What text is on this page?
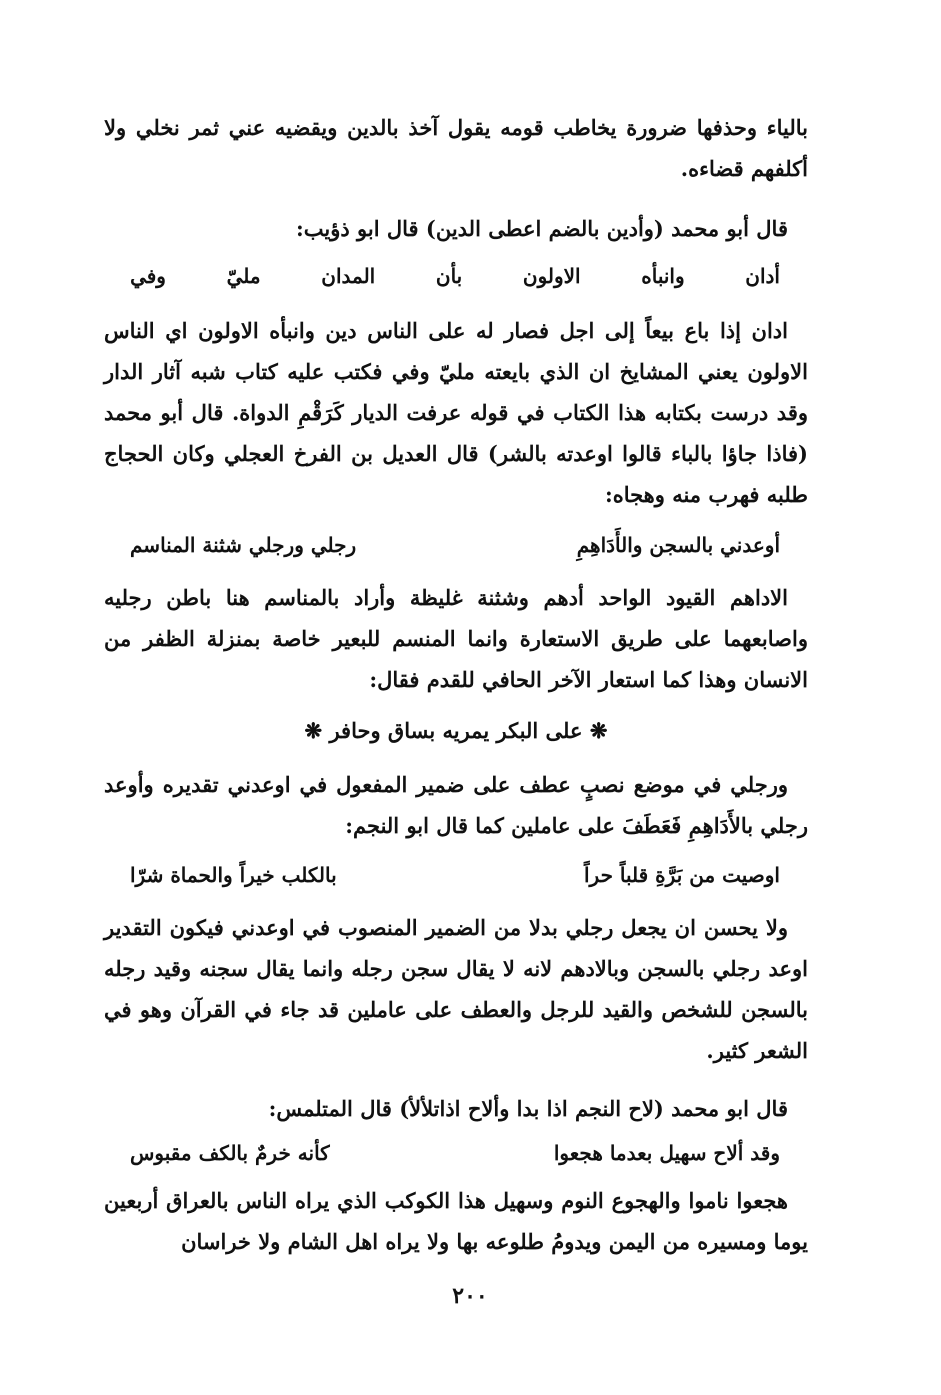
بالياء وحذفها ضرورة يخاطب قومه يقول آخذ بالدين ويقضيه عني ثمر نخلي ولا أكلفهم قضاءه.

قال أبو محمد (وأدين بالضم اعطى الدين) قال ابو ذؤيب:

أدان
وانبأه
الاولون
بأن
المدان
مليّ
وفي

ادان إذا باع بيعاً إلى اجل فصار له على الناس دين وانبأه الاولون اي الناس الاولون يعني المشايخ ان الذي بايعته مليّ وفي فكتب عليه كتاب شبه آثار الدار وقد درست بكتابه هذا الكتاب في قوله عرفت الديار كَرَقْمِ الدواة. قال أبو محمد (فاذا جاؤا بالباء قالوا اوعدته بالشر) قال العديل بن الفرخ العجلي وكان الحجاج طلبه فهرب منه وهجاه:

أوعدني بالسجن والأَدَاهِمِ
رجلي ورجلي شثنة المناسم

الاداهم القيود الواحد أدهم وشثنة غليظة وأراد بالمناسم هنا باطن رجليه واصابعهما على طريق الاستعارة وانما المنسم للبعير خاصة بمنزلة الظفر من الانسان وهذا كما استعار الآخر الحافي للقدم فقال:

❋ على البكر يمريه بساق وحافر ❋

ورجلي في موضع نصبٍ عطف على ضمير المفعول في اوعدني تقديره وأوعد رجلي بالأَدَاهِمِ فَعَطَفَ على عاملين كما قال ابو النجم:

اوصيت من بَرَّةِ قلباً حراً
بالكلب خيراً والحماة شرّا

ولا يحسن ان يجعل رجلي بدلا من الضمير المنصوب في اوعدني فيكون التقدير اوعد رجلي بالسجن وبالادهم لانه لا يقال سجن رجله وانما يقال سجنه وقيد رجله بالسجن للشخص والقيد للرجل والعطف على عاملين قد جاء في القرآن وهو في الشعر كثير.

قال ابو محمد (لاح النجم اذا بدا وألاح اذاتلألأ) قال المتلمس:

وقد ألاح سهيل بعدما هجعوا
كأنه خرمٌ بالكف مقبوس

هجعوا ناموا والهجوع النوم وسهيل هذا الكوكب الذي يراه الناس بالعراق أربعين يوما ومسيره من اليمن ويدومُ طلوعه بها ولا يراه اهل الشام ولا خراسان

٢٠٠
